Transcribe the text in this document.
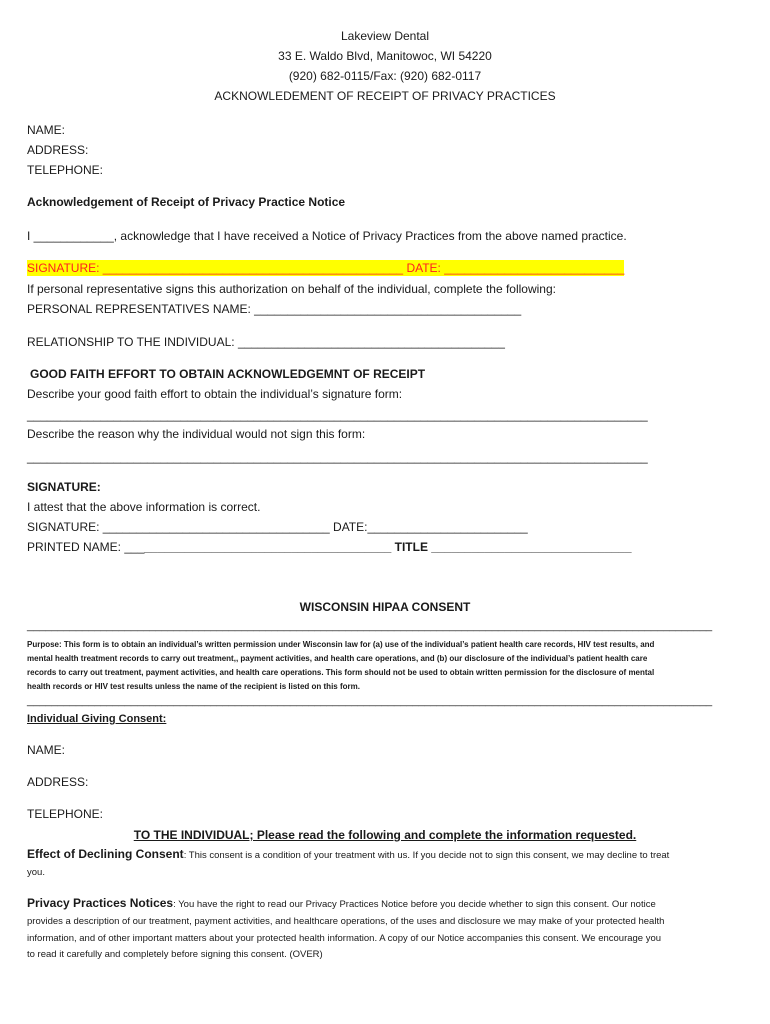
Lakeview Dental
33 E. Waldo Blvd, Manitowoc, WI 54220
(920) 682-0115/Fax: (920) 682-0117
ACKNOWLEDEMENT OF RECEIPT OF PRIVACY PRACTICES
NAME:
ADDRESS:
TELEPHONE:
Acknowledgement of Receipt of Privacy Practice Notice
I ____________, acknowledge that I have received a Notice of Privacy Practices from the above named practice.
SIGNATURE: _____________________________________________ DATE: ___________________________
If personal representative signs this authorization on behalf of the individual, complete the following:
PERSONAL REPRESENTATIVES NAME: ________________________________________
RELATIONSHIP TO THE INDIVIDUAL: ________________________________________
GOOD FAITH EFFORT TO OBTAIN ACKNOWLEDGEMNT OF RECEIPT
Describe your good faith effort to obtain the individual’s signature form:
_____________________________________________________________________________________________
Describe the reason why the individual would not sign this form:
_____________________________________________________________________________________________
SIGNATURE:
I attest that the above information is correct.
SIGNATURE: __________________________________ DATE:________________________
PRINTED NAME: ________________________________________ TITLE ______________________________
WISCONSIN HIPAA CONSENT
________________________________________________________________________________________________________________
Purpose: This form is to obtain an individual’s written permission under Wisconsin law for (a) use of the individual’s patient health care records, HIV test results, and
mental health treatment records to carry out treatment,, payment activities, and health care operations, and (b) our disclosure of the individual’s patient health care
records to carry out treatment, payment activities, and health care operations. This form should not be used to obtain written permission for the disclosure of mental
health records or HIV test results unless the name of the recipient is listed on this form.
________________________________________________________________________________________________________________
Individual Giving Consent:
NAME:
ADDRESS:
TELEPHONE:
TO THE INDIVIDUAL; Please read the following and complete the information requested.
Effect of Declining Consent: This consent is a condition of your treatment with us. If you decide not to sign this consent, we may decline to treat
you.
Privacy Practices Notices: You have the right to read our Privacy Practices Notice before you decide whether to sign this consent. Our notice
provides a description of our treatment, payment activities, and healthcare operations, of the uses and disclosure we may make of your protected health
information, and of other important matters about your protected health information. A copy of our Notice accompanies this consent. We encourage you
to read it carefully and completely before signing this consent. (OVER)
